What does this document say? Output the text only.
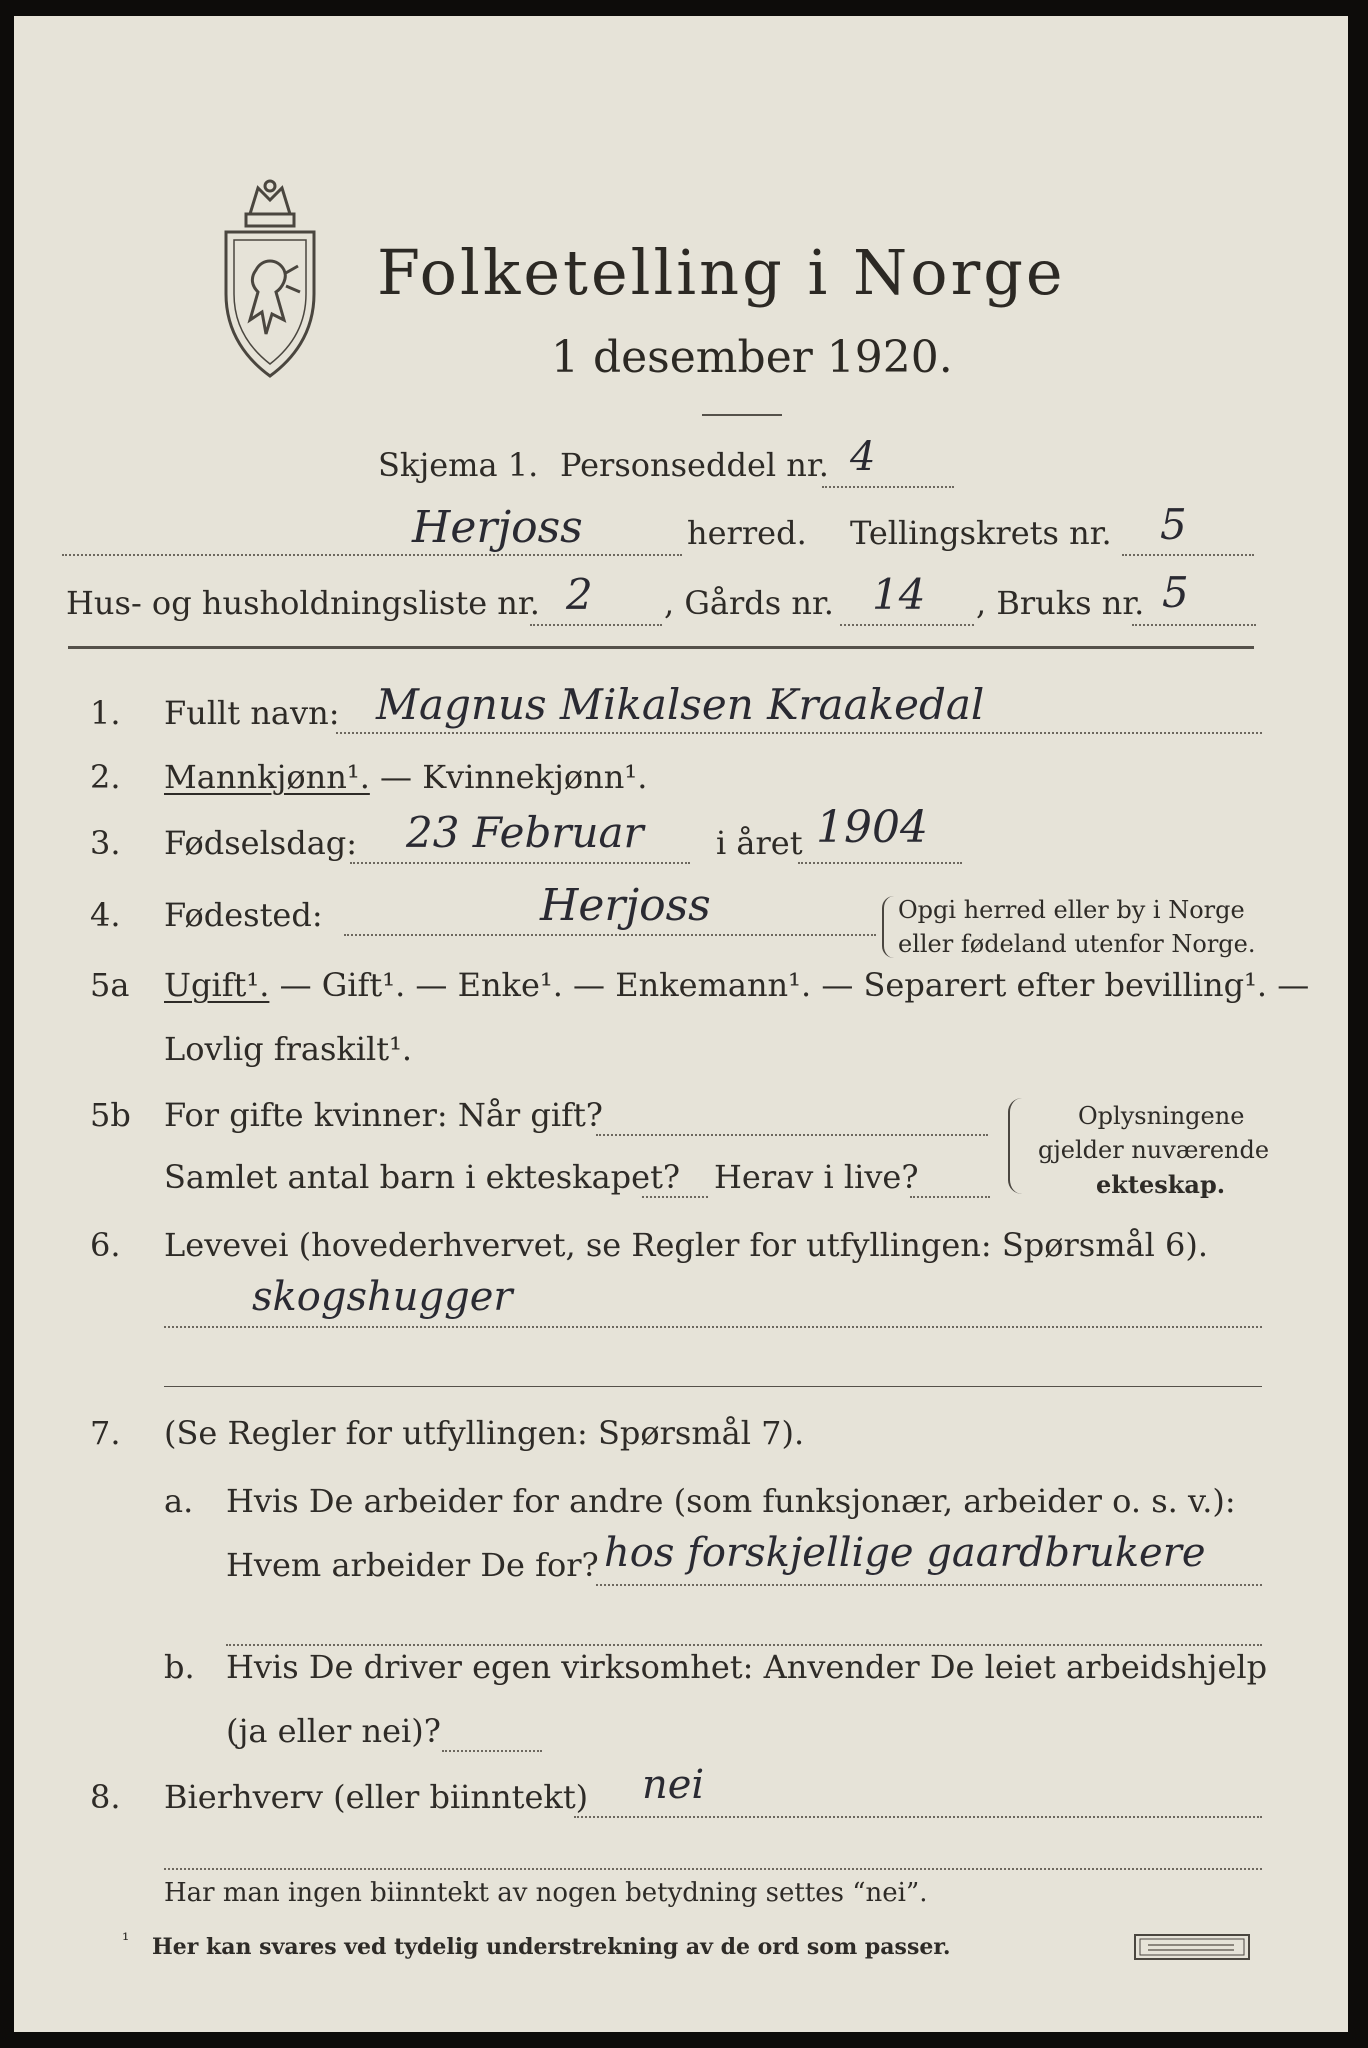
Folketelling i Norge
1 desember 1920.
Skjema 1. Personseddel nr. 4
Herjoss	herred. Tellingskrets nr. 5
Hus- og husholdningsliste nr. 2 , Gårds nr. 14 , Bruks nr. 5
1. Fullt navn: Magnus Mikalsen Kraakedal
2. Mannkjønn¹. — Kvinnekjønn¹.
3. Fødselsdag: 23 Februar i året 1904
4. Fødested:	Herjoss	Opgi herred eller by i Norge
eller fødeland utenfor Norge.
5a Ugift¹. — Gift¹. — Enke¹. — Enkemann¹. — Separert efter bevilling¹. —
Lovlig fraskilt¹.
5b For gifte kvinner: Når gift?
Samlet antal barn i ekteskapet? Herav i live?
Oplysningene
gjelder nuværende
ekteskap.
6. Levevei (hovederhvervet, se Regler for utfyllingen: Spørsmål 6).
skogshugger
7. (Se Regler for utfyllingen: Spørsmål 7).
a. Hvis De arbeider for andre (som funksjonær, arbeider o. s. v.):
Hvem arbeider De for? hos forskjellige gaardbrukere
b. Hvis De driver egen virksomhet: Anvender De leiet arbeidshjelp
(ja eller nei)?
8. Bierhverv (eller biinntekt) nei
Har man ingen biinntekt av nogen betydning settes “nei”.
¹ Her kan svares ved tydelig understrekning av de ord som passer.
